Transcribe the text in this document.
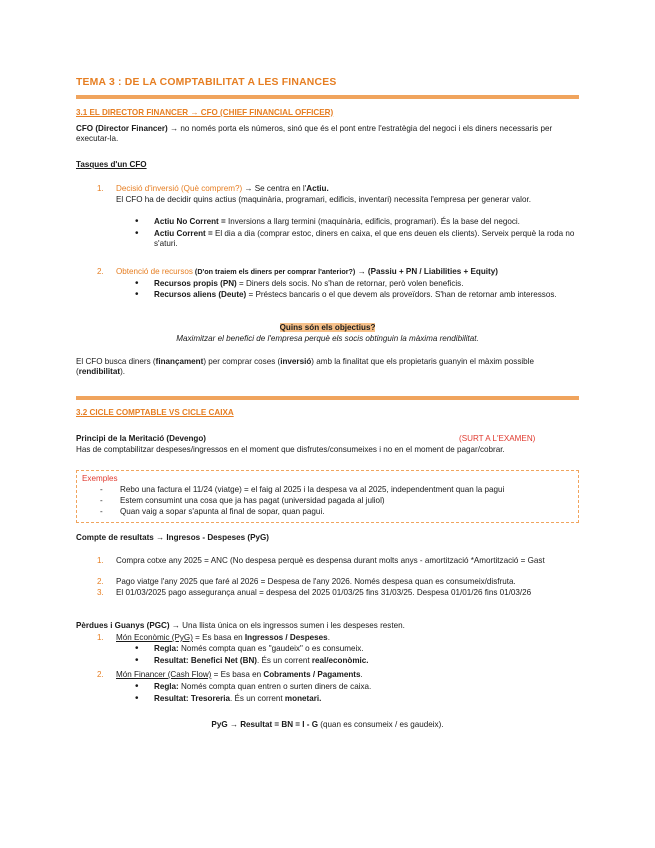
TEMA 3 : DE LA COMPTABILITAT A LES FINANCES
3.1 EL DIRECTOR FINANCER → CFO (CHIEF FINANCIAL OFFICER)
CFO (Director Financer) → no només porta els números, sinó que és el pont entre l'estratègia del negoci i els diners necessaris per executar-la.
Tasques d'un CFO
1.	Decisió d'inversió (Què comprem?) → Se centra en l'Actiu.
El CFO ha de decidir quins actius (maquinària, programari, edificis, inventari) necessita l'empresa per generar valor.
• Actiu No Corrent = Inversions a llarg termini (maquinària, edificis, programari). És la base del negoci.
• Actiu Corrent = El dia a dia (comprar estoc, diners en caixa, el que ens deuen els clients). Serveix perquè la roda no s'aturi.
2.	Obtenció de recursos (D'on traiem els diners per comprar l'anterior?) → (Passiu + PN / Liabilities + Equity)
• Recursos propis (PN) = Diners dels socis. No s'han de retornar, però volen beneficis.
• Recursos aliens (Deute) = Préstecs bancaris o el que devem als proveïdors. S'han de retornar amb interessos.
Quins són els objectius?
Maximitzar el benefici de l'empresa perquè els socis obtinguin la màxima rendibilitat.
El CFO busca diners (finançament) per comprar coses (inversió) amb la finalitat que els propietaris guanyin el màxim possible (rendibilitat).
3.2 CICLE COMPTABLE VS CICLE CAIXA
Principi de la Meritació (Devengo)	(SURT A L'EXAMEN)
Has de comptabilitzar despeses/ingressos en el moment que disfrutes/consumeixes i no en el moment de pagar/cobrar.
Exemples
-	Rebo una factura el 11/24 (viatge) = el faig al 2025 i la despesa va al 2025, independentment quan la pagui
-	Estem consumint una cosa que ja has pagat (universidad pagada al juliol)
-	Quan vaig a sopar s'apunta al final de sopar, quan pagui.
Compte de resultats → Ingresos - Despeses (PyG)
1.	Compra cotxe any 2025 = ANC (No despesa perquè es despensa durant molts anys - amortització *Amortització = Gast
2.	Pago viatge l'any 2025 que faré al 2026 = Despesa de l'any 2026. Només despesa quan es consumeix/disfruta.
3.	El 01/03/2025 pago assegurança anual = despesa del 2025 01/03/25 fins 31/03/25. Despesa 01/01/26 fins 01/03/26
Pèrdues i Guanys (PGC) → Una llista única on els ingressos sumen i les despeses resten.
1.	Món Econòmic (PyG) = Es basa en Ingressos / Despeses.
• Regla: Només compta quan es "gaudeix" o es consumeix.
• Resultat: Benefici Net (BN). És un corrent real/econòmic.
2.	Món Financer (Cash Flow) = Es basa en Cobraments / Pagaments.
• Regla: Només compta quan entren o surten diners de caixa.
• Resultat: Tresoreria. És un corrent monetari.
PyG → Resultat = BN = I - G (quan es consumeix / es gaudeix).
